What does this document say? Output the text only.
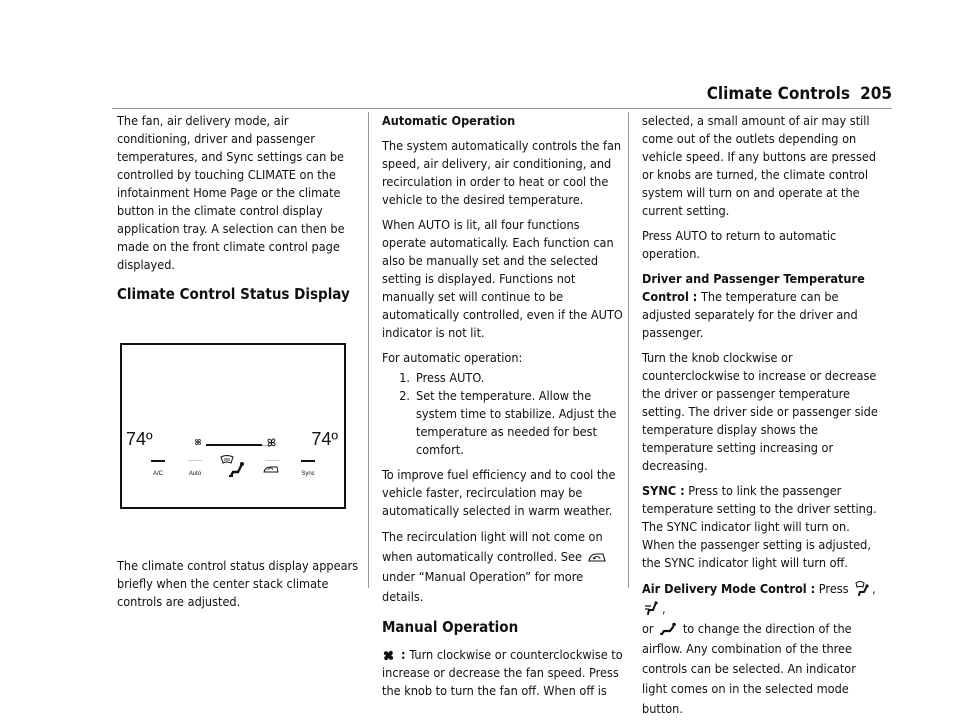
Climate Controls 205

The fan, air delivery mode, air conditioning, driver and passenger temperatures, and Sync settings can be controlled by touching CLIMATE on the infotainment Home Page or the climate button in the climate control display application tray. A selection can then be made on the front climate control page displayed.

Climate Control Status Display
74º	74º
A/C	Auto	Sync

The climate control status display appears briefly when the center stack climate controls are adjusted.

Automatic Operation

The system automatically controls the fan speed, air delivery, air conditioning, and recirculation in order to heat or cool the vehicle to the desired temperature.

When AUTO is lit, all four functions operate automatically. Each function can also be manually set and the selected setting is displayed. Functions not manually set will continue to be automatically controlled, even if the AUTO indicator is not lit.

For automatic operation:

1. Press AUTO.
2. Set the temperature. Allow the system time to stabilize. Adjust the temperature as needed for best comfort.

To improve fuel efficiency and to cool the vehicle faster, recirculation may be automatically selected in warm weather.

The recirculation light will not come on when automatically controlled. See  under “Manual Operation” for more details.

Manual Operation

: Turn clockwise or counterclockwise to increase or decrease the fan speed. Press the knob to turn the fan off. When off is

selected, a small amount of air may still come out of the outlets depending on vehicle speed. If any buttons are pressed or knobs are turned, the climate control system will turn on and operate at the current setting.

Press AUTO to return to automatic operation.

Driver and Passenger Temperature Control : The temperature can be adjusted separately for the driver and passenger.

Turn the knob clockwise or counterclockwise to increase or decrease the driver or passenger temperature setting. The driver side or passenger side temperature display shows the temperature setting increasing or decreasing.

SYNC : Press to link the passenger temperature setting to the driver setting. The SYNC indicator light will turn on. When the passenger setting is adjusted, the SYNC indicator light will turn off.

Air Delivery Mode Control : Press , ,
or to change the direction of the airflow. Any combination of the three controls can be selected. An indicator light comes on in the selected mode button.
